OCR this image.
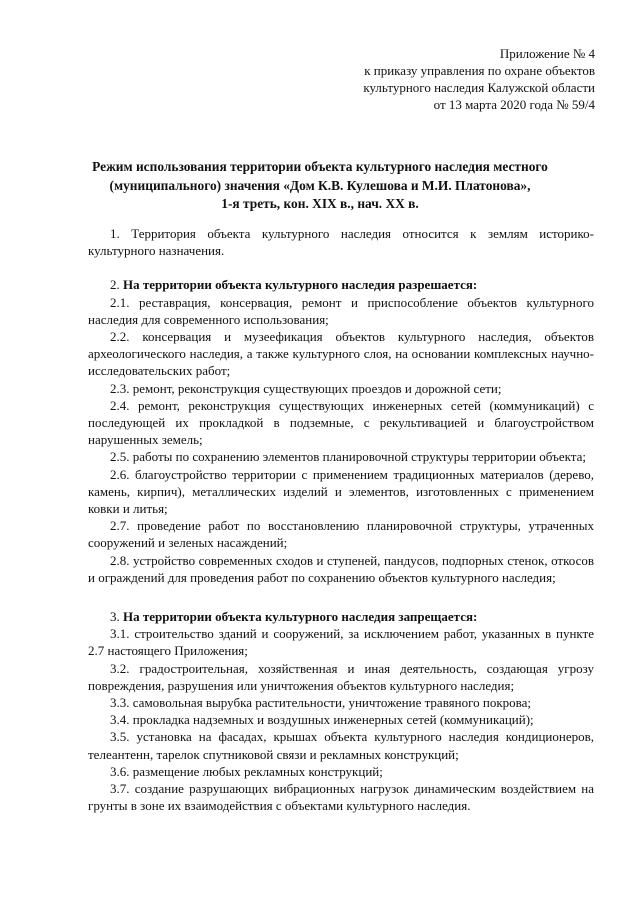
Приложение № 4
к приказу управления по охране объектов
культурного наследия Калужской области
от 13 марта 2020 года № 59/4
Режим использования территории объекта культурного наследия местного
(муниципального) значения «Дом К.В. Кулешова и М.И. Платонова»,
1-я треть, кон. XIX в., нач. XX в.

1. Территория объекта культурного наследия относится к землям историко-культурного назначения.

2. На территории объекта культурного наследия разрешается:

2.1. реставрация, консервация, ремонт и приспособление объектов культурного наследия для современного использования;

2.2. консервация и музеефикация объектов культурного наследия, объектов археологического наследия, а также культурного слоя, на основании комплексных научно-исследовательских работ;

2.3. ремонт, реконструкция существующих проездов и дорожной сети;

2.4. ремонт, реконструкция существующих инженерных сетей (коммуникаций) с последующей их прокладкой в подземные, с рекультивацией и благоустройством нарушенных земель;

2.5. работы по сохранению элементов планировочной структуры территории объекта;

2.6. благоустройство территории с применением традиционных материалов (дерево, камень, кирпич), металлических изделий и элементов, изготовленных с применением ковки и литья;

2.7. проведение работ по восстановлению планировочной структуры, утраченных сооружений и зеленых насаждений;

2.8. устройство современных сходов и ступеней, пандусов, подпорных стенок, откосов и ограждений для проведения работ по сохранению объектов культурного наследия;

3. На территории объекта культурного наследия запрещается:

3.1. строительство зданий и сооружений, за исключением работ, указанных в пункте 2.7 настоящего Приложения;

3.2. градостроительная, хозяйственная и иная деятельность, создающая угрозу повреждения, разрушения или уничтожения объектов культурного наследия;

3.3. самовольная вырубка растительности, уничтожение травяного покрова;

3.4. прокладка надземных и воздушных инженерных сетей (коммуникаций);

3.5. установка на фасадах, крышах объекта культурного наследия кондиционеров, телеантенн, тарелок спутниковой связи и рекламных конструкций;

3.6. размещение любых рекламных конструкций;

3.7. создание разрушающих вибрационных нагрузок динамическим воздействием на грунты в зоне их взаимодействия с объектами культурного наследия.
